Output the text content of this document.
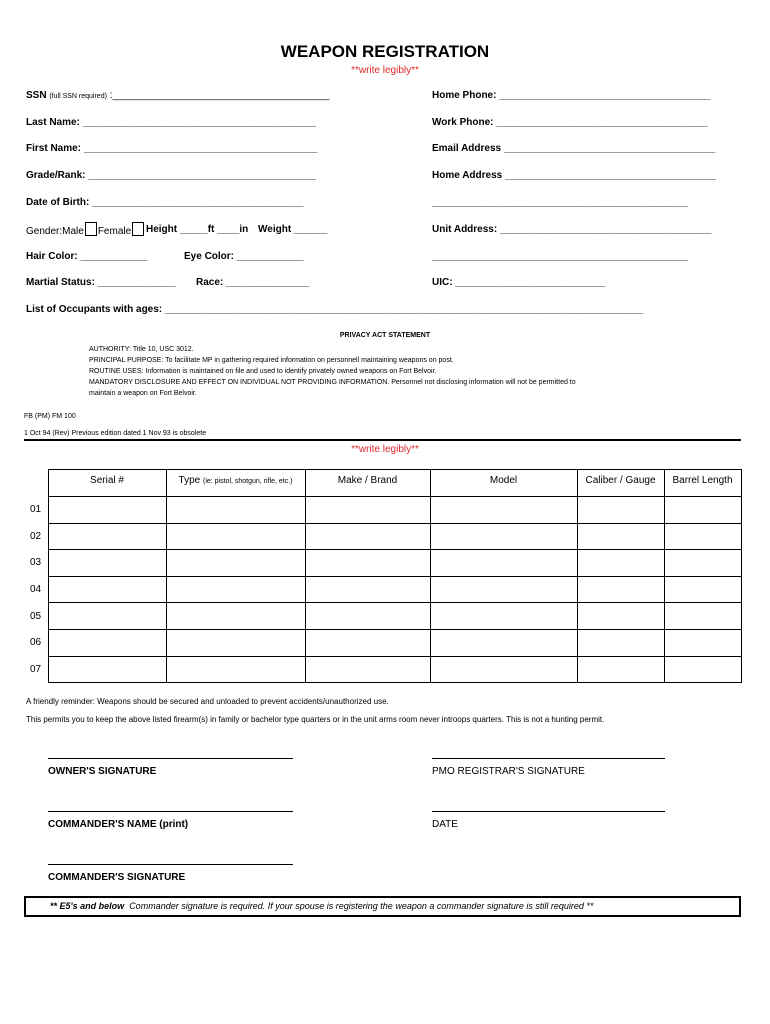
WEAPON REGISTRATION
**write legibly**
SSN (full SSN required) :_______________________________________	Home Phone: ______________________________________
Last Name: __________________________________________	Work Phone: ______________________________________
First Name: __________________________________________	Email Address ______________________________________
Grade/Rank: _________________________________________	Home Address ______________________________________
Date of Birth: ______________________________________	______________________________________________
Gender:Male Female	Height _____ft ____in Weight ______	Unit Address: ______________________________________
Hair Color: ____________	Eye Color: ____________	______________________________________________
Martial Status: ______________ Race: _______________	UIC: ___________________________
List of Occupants with ages: ______________________________________________________________________________________
PRIVACY ACT STATEMENT
AUTHORITY: Title 10, USC 3012.
PRINCIPAL PURPOSE: To facilitate MP in gathering required information on personnell maintaining weapons on post.
ROUTINE USES: Information is maintained on file and used to identify privately owned weapons on Fort Belvoir.
MANDATORY DISCLOSURE AND EFFECT ON INDIVIDUAL NOT PROVIDING INFORMATION. Personnel not disclosing information will not be permitted to
maintain a weapon on Fort Belvoir.
FB (PM) FM 100
1 Oct 94 (Rev) Previous edition dated 1 Nov 93 is obsolete
**write legibly**
	Serial #	Type (ie: pistol, shotgun, rifle, etc.)	Make / Brand	Model	Caliber / Gauge	Barrel Length
01						
02						
03						
04						
05						
06						
07						
A friendly reminder: Weapons should be secured and unloaded to prevent accidents/unauthorized use.
This permits you to keep the above listed firearm(s) in family or bachelor type quarters or in the unit arms room never introops quarters. This is not a hunting permit.
OWNER'S SIGNATURE	PMO REGISTRAR'S SIGNATURE
COMMANDER'S NAME (print)	DATE
COMMANDER'S SIGNATURE
** E5's and below Commander signature is required. If your spouse is registering the weapon a commander signature is still required **
